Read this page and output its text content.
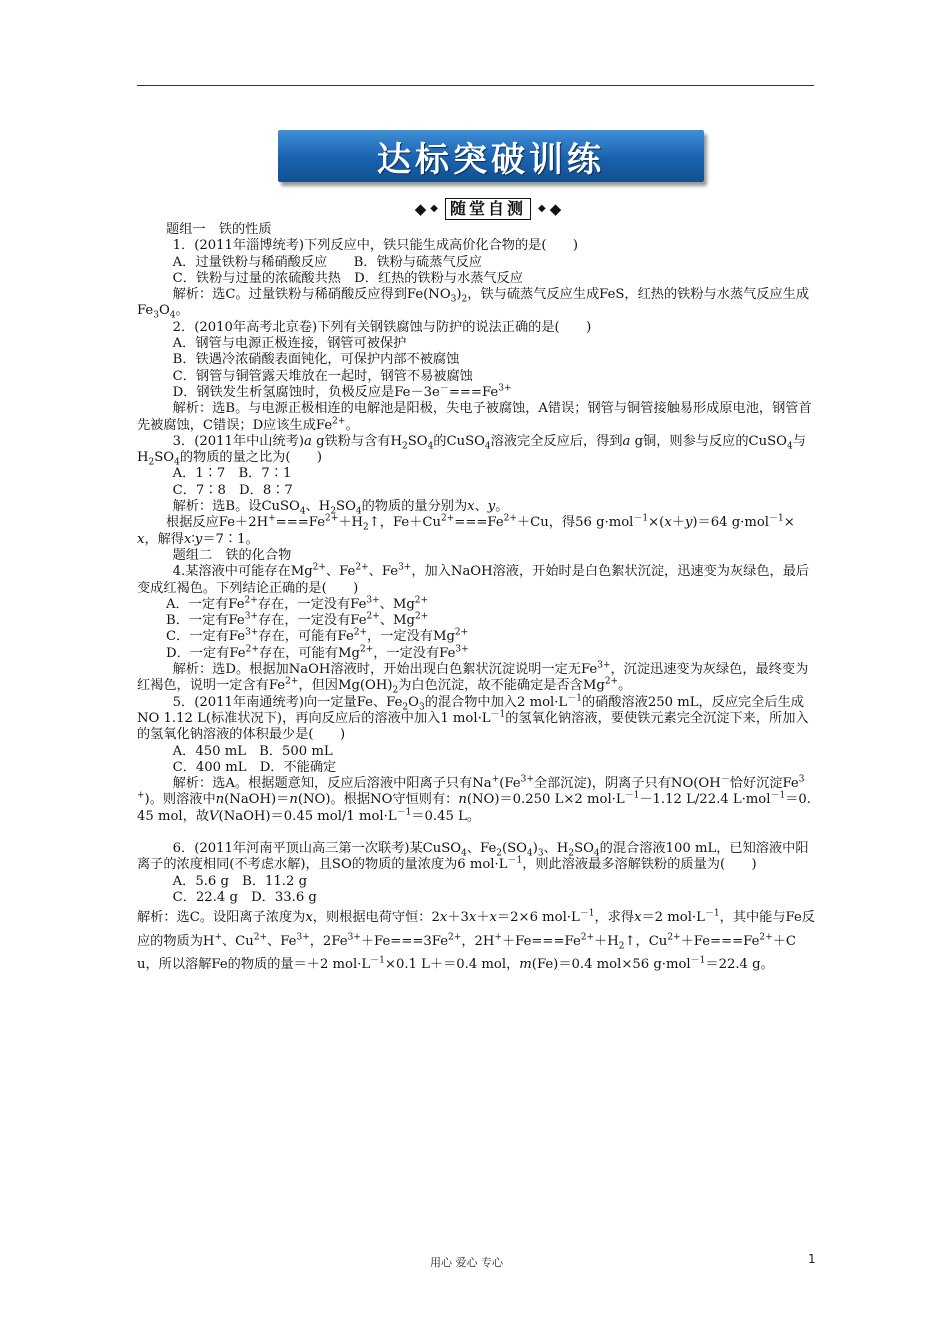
达标突破训练
◆ ◆ 随堂自测	◆ ◆

题组一　铁的性质

1．(2011年淄博统考)下列反应中，铁只能生成高价化合物的是(　　)

A．过量铁粉与稀硝酸反应　　B．铁粉与硫蒸气反应

C．铁粉与过量的浓硫酸共热　D．红热的铁粉与水蒸气反应

解析：选C。过量铁粉与稀硝酸反应得到$Fe(NO_3)_2$，铁与硫蒸气反应生成FeS，红热的铁粉与水蒸气反应生成$Fe_3O_4$。

2．(2010年高考北京卷)下列有关钢铁腐蚀与防护的说法正确的是(　　)

A．钢管与电源正极连接，钢管可被保护

B．铁遇冷浓硝酸表面钝化，可保护内部不被腐蚀

C．钢管与铜管露天堆放在一起时，钢管不易被腐蚀

D．钢铁发生析氢腐蚀时，负极反应是$Fe-3e^-===Fe^{3+}$

解析：选B。与电源正极相连的电解池是阳极，失电子被腐蚀，A错误；钢管与铜管接触易形成原电池，钢管首先被腐蚀，C错误；D应该生成$Fe^{2+}$。

3．(2011年中山统考)a g铁粉与含有$H_2SO_4$的CuSO$_4$溶液完全反应后，得到a g铜，则参与反应的CuSO$_4$与$H_2SO_4$的物质的量之比为(　　)

A．1∶7　B．7∶1

C．7∶8　D．8∶7

解析：选B。设CuSO$_4$、$H_2SO_4$的物质的量分别为x、y。

根据反应$Fe+2H^+===Fe^{2+}+H_2↑$，$Fe+Cu^{2+}===Fe^{2+}+Cu$，得56 g·mol$^{-1}$×(x＋y)＝64 g·mol$^{-1}$×x，解得x∶y＝7∶1。

题组二　铁的化合物

4.某溶液中可能存在$Mg^{2+}$、$Fe^{2+}$、$Fe^{3+}$，加入NaOH溶液，开始时是白色絮状沉淀，迅速变为灰绿色，最后变成红褐色。下列结论正确的是(　　)

A．一定有$Fe^{2+}$存在，一定没有$Fe^{3+}$、$Mg^{2+}$

B．一定有$Fe^{3+}$存在，一定没有$Fe^{2+}$、$Mg^{2+}$

C．一定有$Fe^{3+}$存在，可能有$Fe^{2+}$，一定没有$Mg^{2+}$

D．一定有$Fe^{2+}$存在，可能有$Mg^{2+}$，一定没有$Fe^{3+}$

解析：选D。根据加NaOH溶液时，开始出现白色絮状沉淀说明一定无$Fe^{3+}$，沉淀迅速变为灰绿色，最终变为红褐色，说明一定含有$Fe^{2+}$，但因$Mg(OH)_2$为白色沉淀，故不能确定是否含$Mg^{2+}$。

5．(2011年南通统考)向一定量Fe、$Fe_2O_3$的混合物中加入2 $mol\cdot L^{-1}$的硝酸溶液250 mL，反应完全后生成NO 1.12 L(标准状况下)，再向反应后的溶液中加入1 $mol\cdot L^{-1}$的氢氧化钠溶液，要使铁元素完全沉淀下来，所加入的氢氧化钠溶液的体积最少是(　　)

A．450 mL　B．500 mL

C．400 mL　D．不能确定

解析：选A。根据题意知，反应后溶液中阳离子只有$Na^+(Fe^{3+}$全部沉淀)，阴离子只有NO(OH－恰好沉淀$Fe^{3+}$)。则溶液中n(NaOH)＝n(NO)。根据NO守恒则有：n(NO)＝0.250 L×2 $mol\cdot L^{-1}-1.12$ L/22.4 L·mol$^{-1}$＝0.45 mol，故V(NaOH)＝0.45 mol/1 $mol\cdot L^{-1}=0.45$ L。

6．(2011年河南平顶山高三第一次联考)某CuSO$_4$、$Fe_2(SO_4)_3$、$H_2SO_4$的混合溶液100 mL，已知溶液中阳离子的浓度相同(不考虑水解)，且SO的物质的量浓度为6 $mol\cdot L^{-1}$，则此溶液最多溶解铁粉的质量为(　　)

A．5.6 g　B．11.2 g

C．22.4 g　D．33.6 g

解析：选C。设阳离子浓度为x，则根据电荷守恒：2x＋3x＋x＝2×6 $mol\cdot L^{-1}$，求得x＝2 $mol\cdot L^{-1}$，其中能与Fe反应的物质为H+、$Cu^{2+}$、$Fe^{3+}$，$2Fe^{3+}+Fe===3Fe^{2+}$，$2H^++Fe===Fe^{2+}+H_2↑$，$Cu^{2+}+Fe===Fe^{2+}+Cu$，所以溶解Fe的物质的量＝＋2 $mol\cdot L^{-1}\times 0.1$ L＋＝0.4 mol，m(Fe)＝0.4 mol×56 g·mol$^{-1}$＝22.4 g。

用心 爱心 专心	1
